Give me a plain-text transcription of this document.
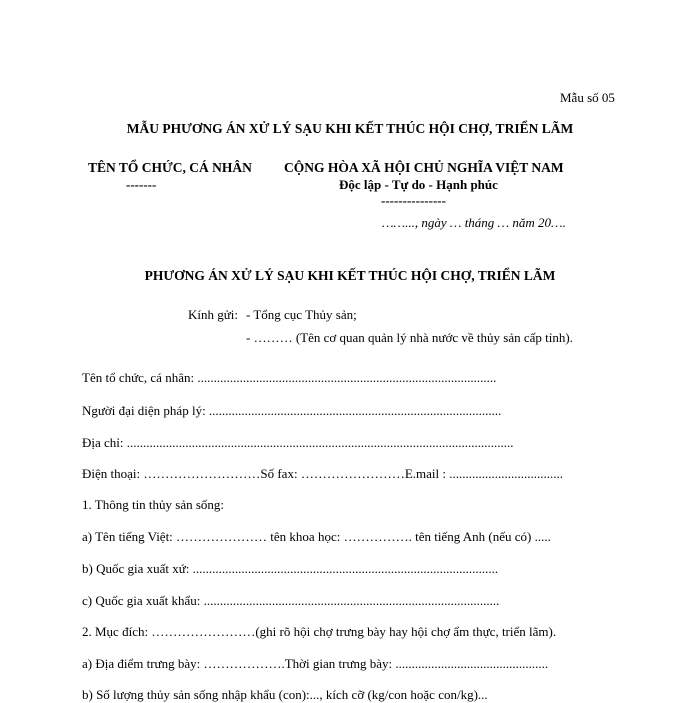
Mẫu số 05
MẪU PHƯƠNG ÁN XỬ LÝ SẠU KHI KẾT THÚC HỘI CHỢ, TRIỂN LÃM
TÊN TỔ CHỨC, CÁ NHÂN
-------
CỘNG HÒA XÃ HỘI CHỦ NGHĨA VIỆT NAM
Độc lập - Tự do - Hạnh phúc
---------------
……..., ngày … tháng … năm 20….
PHƯƠNG ÁN XỬ LÝ SẠU KHI KẾT THÚC HỘI CHỢ, TRIỂN LÃM
Kính gửi: - Tổng cục Thủy sản;
- ……… (Tên cơ quan quản lý nhà nước về thủy sản cấp tỉnh).
Tên tổ chức, cá nhân: ............................................................................................
Người đại diện pháp lý: ..........................................................................................
Địa chỉ: .......................................................................................................................
Điện thoại: ………………………Số fax: ……………………E.mail : ...................................
1. Thông tin thủy sản sống:
a) Tên tiếng Việt: ………………… tên khoa học: ……………. tên tiếng Anh (nếu có) .....
b) Quốc gia xuất xứ: ..............................................................................................
c) Quốc gia xuất khẩu: ...........................................................................................
2. Mục đích: ……………………(ghi rõ hội chợ trưng bày hay hội chợ ẩm thực, triển lãm).
a) Địa điểm trưng bày: ……………….Thời gian trưng bày: ...............................................
b) Số lượng thủy sản sống nhập khẩu (con):..., kích cỡ (kg/con hoặc con/kg)...
